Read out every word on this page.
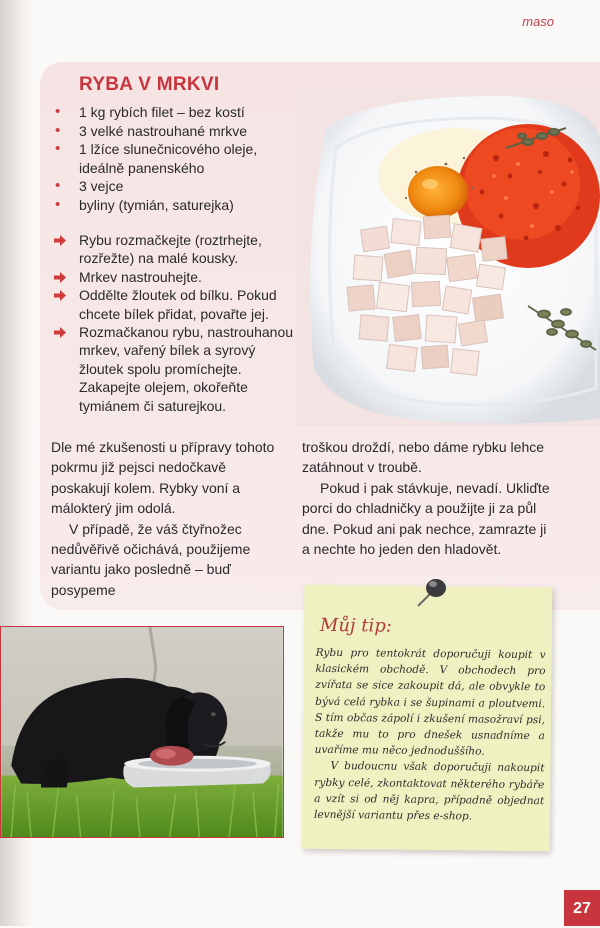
maso
RYBA V MRKVI
• 1 kg rybích filet – bez kostí
• 3 velké nastrouhané mrkve
• 1 lžíce slunečnicového oleje, ideálně panenského
• 3 vejce
• byliny (tymián, saturejka)
Rybu rozmačkejte (roztrhejte, rozřežte) na malé kousky.
Mrkev nastrouhejte.
Oddělte žloutek od bílku. Pokud chcete bílek přidat, povařte jej.
Rozmačkanou rybu, nastrouhanou mrkev, vařený bílek a syrový žloutek spolu promíchejte. Zakapejte olejem, okořeňte tymiánem či saturejkou.

Dle mé zkušenosti u přípravy tohoto pokrmu již pejsci nedočkavě poskakují kolem. Rybky voní a málokterý jim odolá.

V případě, že váš čtyřnožec nedůvěřivě očichává, použijeme variantu jako posledně – buď posypeme

troškou droždí, nebo dáme rybku lehce zatáhnout v troubě.

Pokud i pak stávkuje, nevadí. Ukliďte porci do chladničky a použijte ji za půl dne. Pokud ani pak nechce, zamrazte ji a nechte ho jeden den hladovět.

Můj tip:

Rybu pro tentokrát doporučuji koupit v klasickém obchodě. V obchodech pro zvířata se sice zakoupit dá, ale obvykle to bývá celá rybka i se šupinami a ploutvemi. S tím občas zápolí i zkušení masožraví psi, takže mu to pro dnešek usnadníme a uvaříme mu něco jednoduššího.

V budoucnu však doporučuji nakoupit rybky celé, zkontaktovat některého rybáře a vzít si od něj kapra, případně objednat levnější variantu přes e-shop.

27
